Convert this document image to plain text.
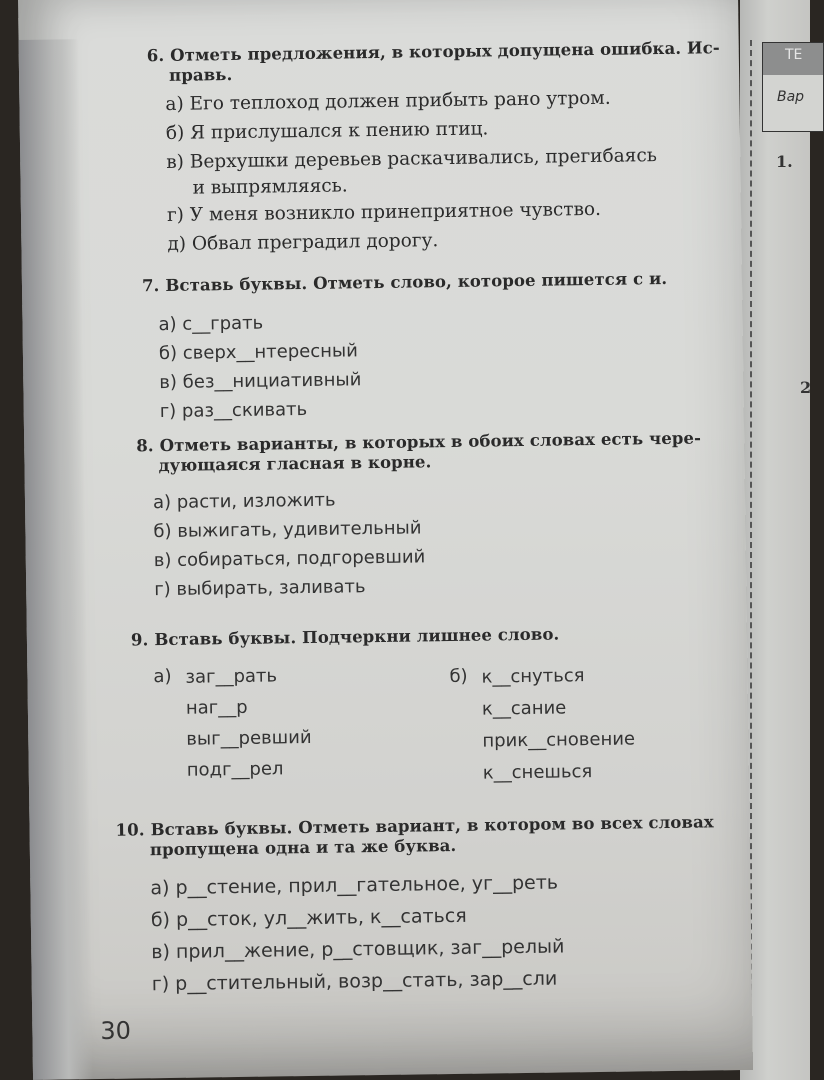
ТЕ
Вар
1.
2
6. Отметь предложения, в которых допущена ошибка. Ис-
правь.
а) Его теплоход должен прибыть рано утром.
б) Я прислушался к пению птиц.
в) Верхушки деревьев раскачивались, прегибаясь
и выпрямляясь.
г) У меня возникло принеприятное чувство.
д) Обвал преградил дорогу.
7. Вставь буквы. Отметь слово, которое пишется с и.
а) с__грать
б) сверх__нтересный
в) без__нициативный
г) раз__скивать
8. Отметь варианты, в которых в обоих словах есть чере-
дующаяся гласная в корне.
а) расти, изложить
б) выжигать, удивительный
в) собираться, подгоревший
г) выбирать, заливать
9. Вставь буквы. Подчеркни лишнее слово.
а) заг__рать
наг__р
выг__ревший
подг__рел
б) к__снуться
к__сание
прик__сновение
к__снешься
10. Вставь буквы. Отметь вариант, в котором во всех словах
пропущена одна и та же буква.
а) р__стение, прил__гательное, уг__реть
б) р__сток, ул__жить, к__саться
в) прил__жение, р__стовщик, заг__релый
г) р__стительный, возр__стать, зар__сли
30
